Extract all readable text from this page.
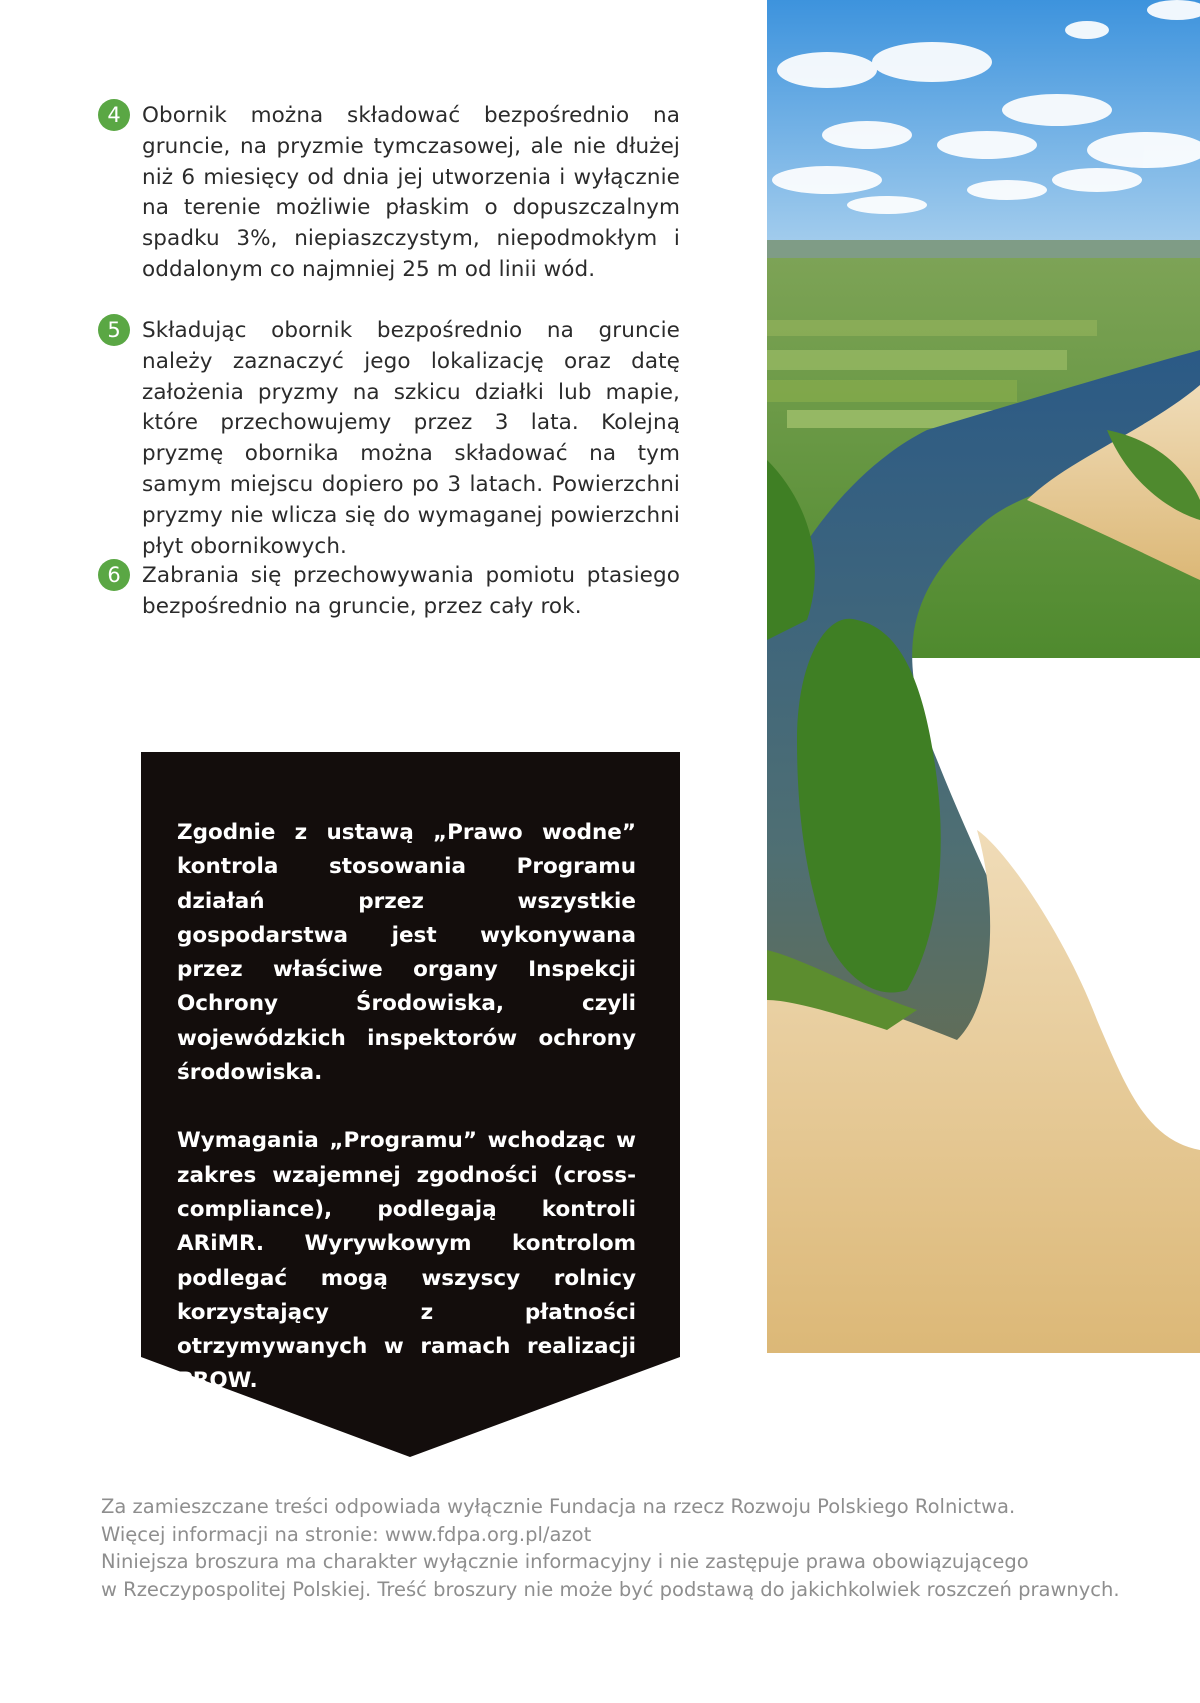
4 Obornik można składować bezpośrednio na gruncie, na pryzmie tymczasowej, ale nie dłużej niż 6 miesięcy od dnia jej utworzenia i wyłącznie na terenie możliwie płaskim o dopuszczalnym spadku 3%, niepiaszczystym, niepodmokłym i oddalonym co najmniej 25 m od linii wód.
5 Składując obornik bezpośrednio na gruncie należy zaznaczyć jego lokalizację oraz datę założenia pryzmy na szkicu działki lub mapie, które przechowujemy przez 3 lata. Kolejną pryzmę obornika można składować na tym samym miejscu dopiero po 3 latach. Powierzchni pryzmy nie wlicza się do wymaganej powierzchni płyt obornikowych.
6 Zabrania się przechowywania pomiotu ptasiego bezpośrednio na gruncie, przez cały rok.

Zgodnie z ustawą „Prawo wodne” kontrola stosowania Programu działań przez wszystkie gospodarstwa jest wykonywana przez właściwe organy Inspekcji Ochrony Środowiska, czyli wojewódzkich inspektorów ochrony środowiska.

Wymagania „Programu” wchodząc w zakres wzajemnej zgodności (cross-compliance), podlegają kontroli ARiMR. Wyrywkowym kontrolom podlegać mogą wszyscy rolnicy korzystający z płatności otrzymywanych w ramach realizacji PROW.

Za zamieszczane treści odpowiada wyłącznie Fundacja na rzecz Rozwoju Polskiego Rolnictwa.
Więcej informacji na stronie: www.fdpa.org.pl/azot
Niniejsza broszura ma charakter wyłącznie informacyjny i nie zastępuje prawa obowiązującego
w Rzeczypospolitej Polskiej. Treść broszury nie może być podstawą do jakichkolwiek roszczeń prawnych.
